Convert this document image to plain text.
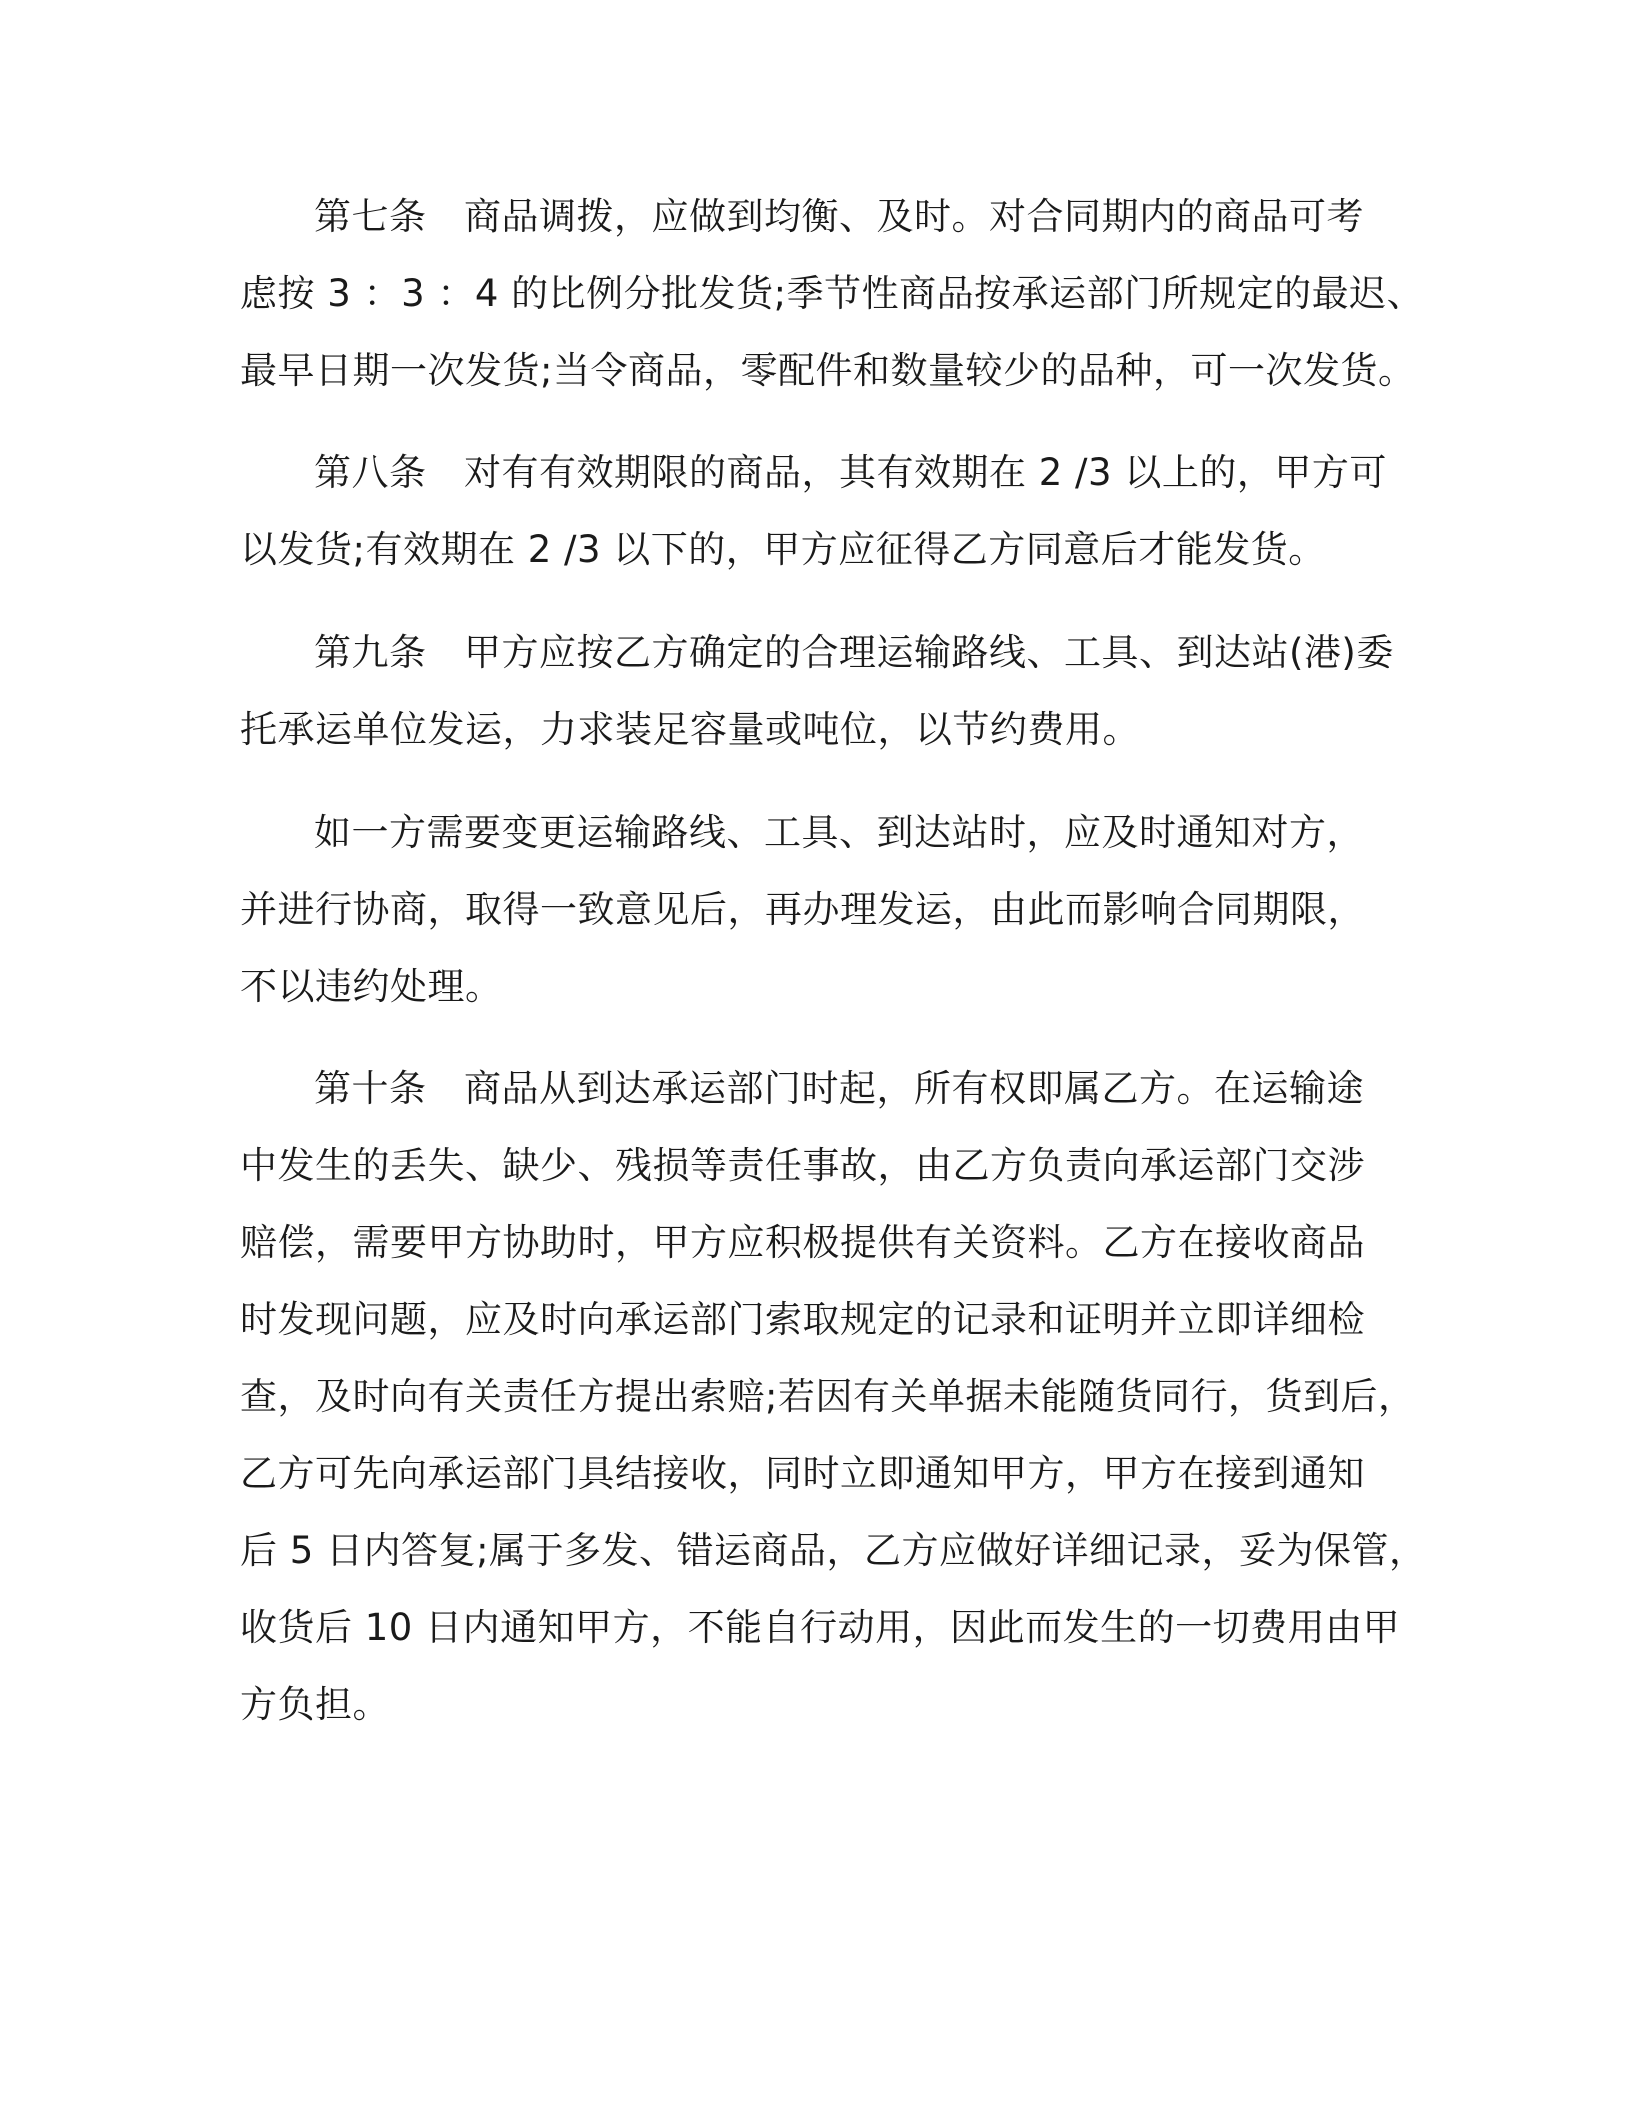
第七条　商品调拨，应做到均衡、及时。对合同期内的商品可考
虑按 3 ：3 ：4 的比例分批发货;季节性商品按承运部门所规定的最迟、
最早日期一次发货;当令商品，零配件和数量较少的品种，可一次发货。
第八条　对有有效期限的商品，其有效期在 2 /3 以上的，甲方可
以发货;有效期在 2 /3 以下的，甲方应征得乙方同意后才能发货。
第九条　甲方应按乙方确定的合理运输路线、工具、到达站(港)委
托承运单位发运，力求装足容量或吨位，以节约费用。
如一方需要变更运输路线、工具、到达站时，应及时通知对方，
并进行协商，取得一致意见后，再办理发运，由此而影响合同期限，
不以违约处理。
第十条　商品从到达承运部门时起，所有权即属乙方。在运输途
中发生的丢失、缺少、残损等责任事故，由乙方负责向承运部门交涉
赔偿，需要甲方协助时，甲方应积极提供有关资料。乙方在接收商品
时发现问题，应及时向承运部门索取规定的记录和证明并立即详细检
查，及时向有关责任方提出索赔;若因有关单据未能随货同行，货到后，
乙方可先向承运部门具结接收，同时立即通知甲方，甲方在接到通知
后 5 日内答复;属于多发、错运商品，乙方应做好详细记录，妥为保管，
收货后 10 日内通知甲方，不能自行动用，因此而发生的一切费用由甲
方负担。
